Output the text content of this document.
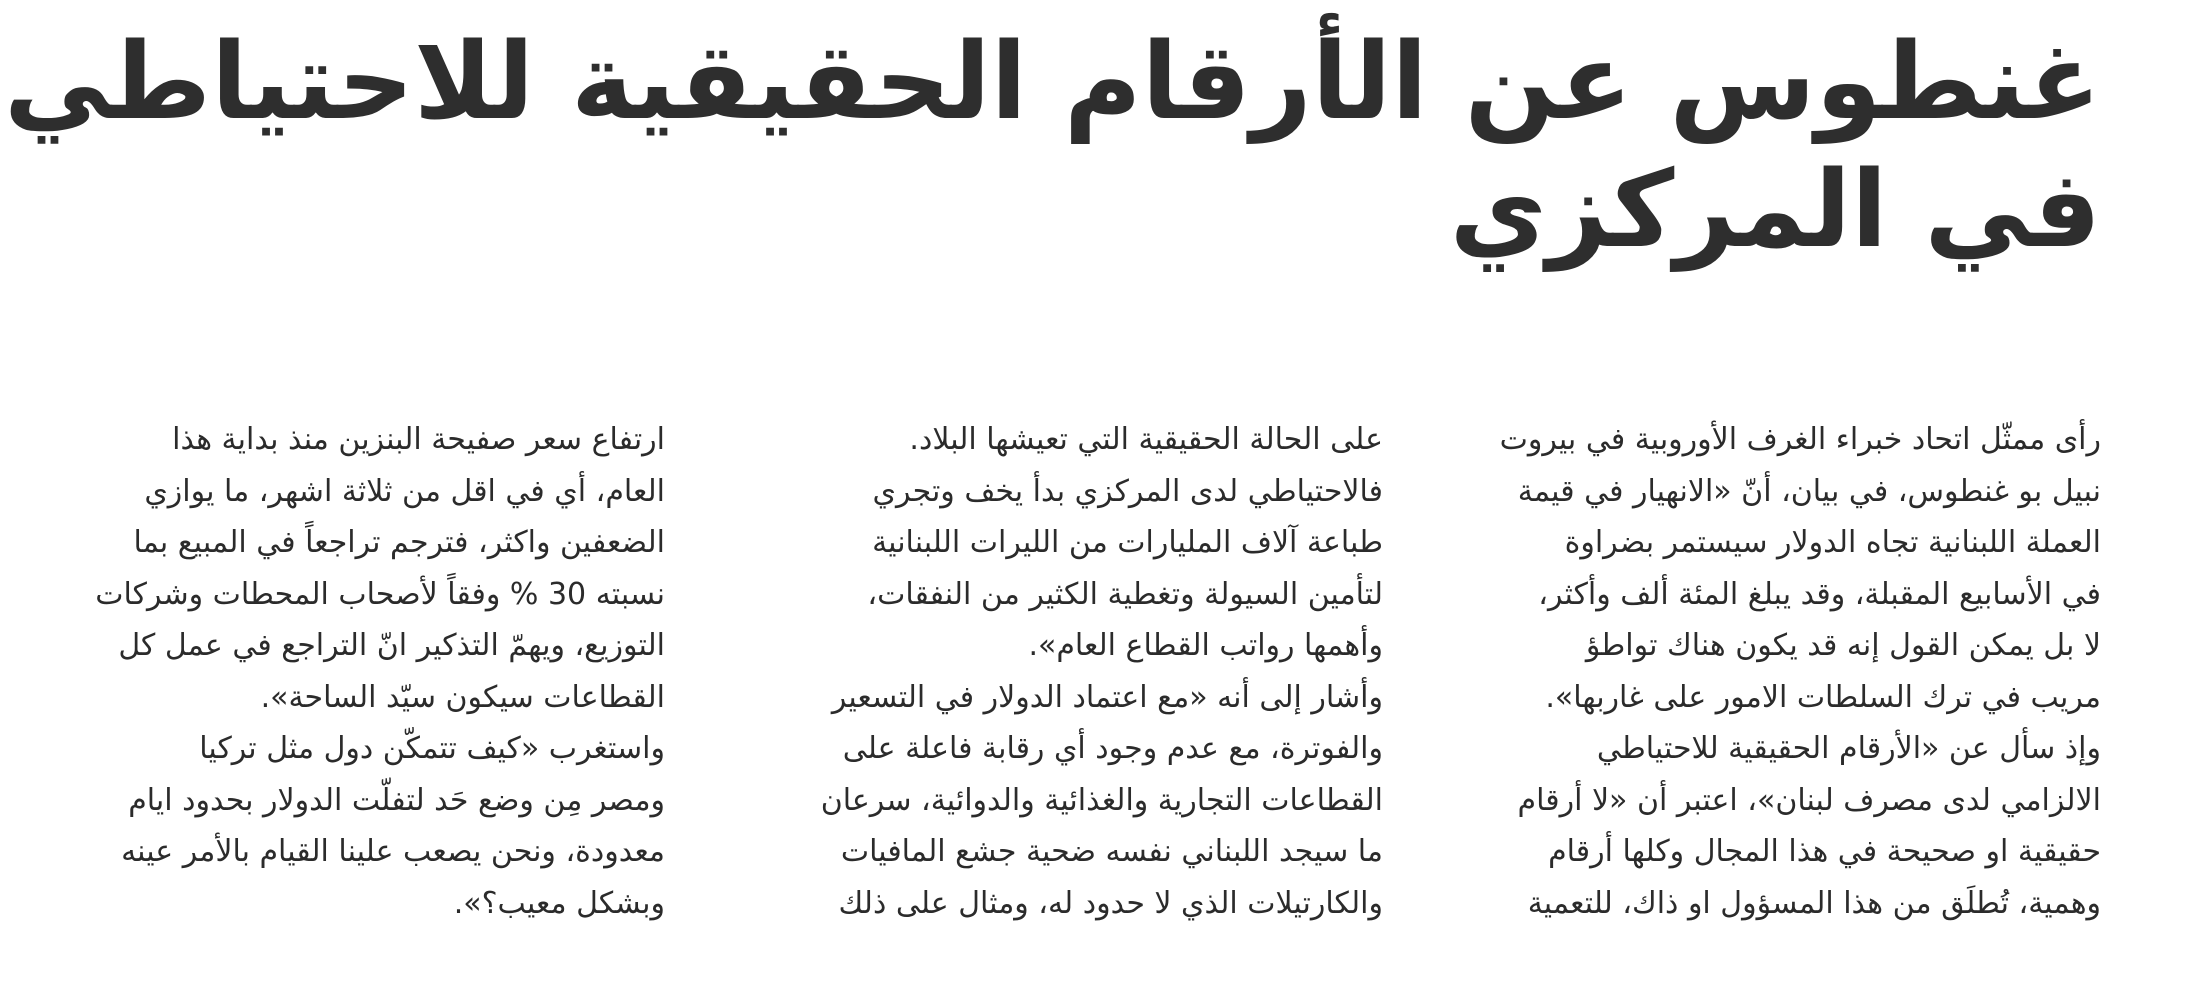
غنطوس عن الأرقام الحقيقية للاحتياطي
في المركزي
رأى ممثّل اتحاد خبراء الغرف الأوروبية في بيروت
نبيل بو غنطوس، في بيان، أنّ «الانهيار في قيمة
العملة اللبنانية تجاه الدولار سيستمر بضراوة
في الأسابيع المقبلة، وقد يبلغ المئة ألف وأكثر،
لا بل يمكن القول إنه قد يكون هناك تواطؤ
مريب في ترك السلطات الامور على غاربها».
وإذ سأل عن «الأرقام الحقيقية للاحتياطي
الالزامي لدى مصرف لبنان»، اعتبر أن «لا أرقام
حقيقية او صحيحة في هذا المجال وكلها أرقام
وهمية، تُطلَق من هذا المسؤول او ذاك، للتعمية
على الحالة الحقيقية التي تعيشها البلاد.
فالاحتياطي لدى المركزي بدأ يخف وتجري
طباعة آلاف المليارات من الليرات اللبنانية
لتأمين السيولة وتغطية الكثير من النفقات،
وأهمها رواتب القطاع العام».
وأشار إلى أنه «مع اعتماد الدولار في التسعير
والفوترة، مع عدم وجود أي رقابة فاعلة على
القطاعات التجارية والغذائية والدوائية، سرعان
ما سيجد اللبناني نفسه ضحية جشع المافيات
والكارتيلات الذي لا حدود له، ومثال على ذلك
ارتفاع سعر صفيحة البنزين منذ بداية هذا
العام، أي في اقل من ثلاثة اشهر، ما يوازي
الضعفين واكثر، فترجم تراجعاً في المبيع بما
نسبته 30 % وفقاً لأصحاب المحطات وشركات
التوزيع، ويهمّ التذكير انّ التراجع في عمل كل
القطاعات سيكون سيّد الساحة».
واستغرب «كيف تتمكّن دول مثل تركيا
ومصر مِن وضع حَد لتفلّت الدولار بحدود ايام
معدودة، ونحن يصعب علينا القيام بالأمر عينه
وبشكل معيب؟».
